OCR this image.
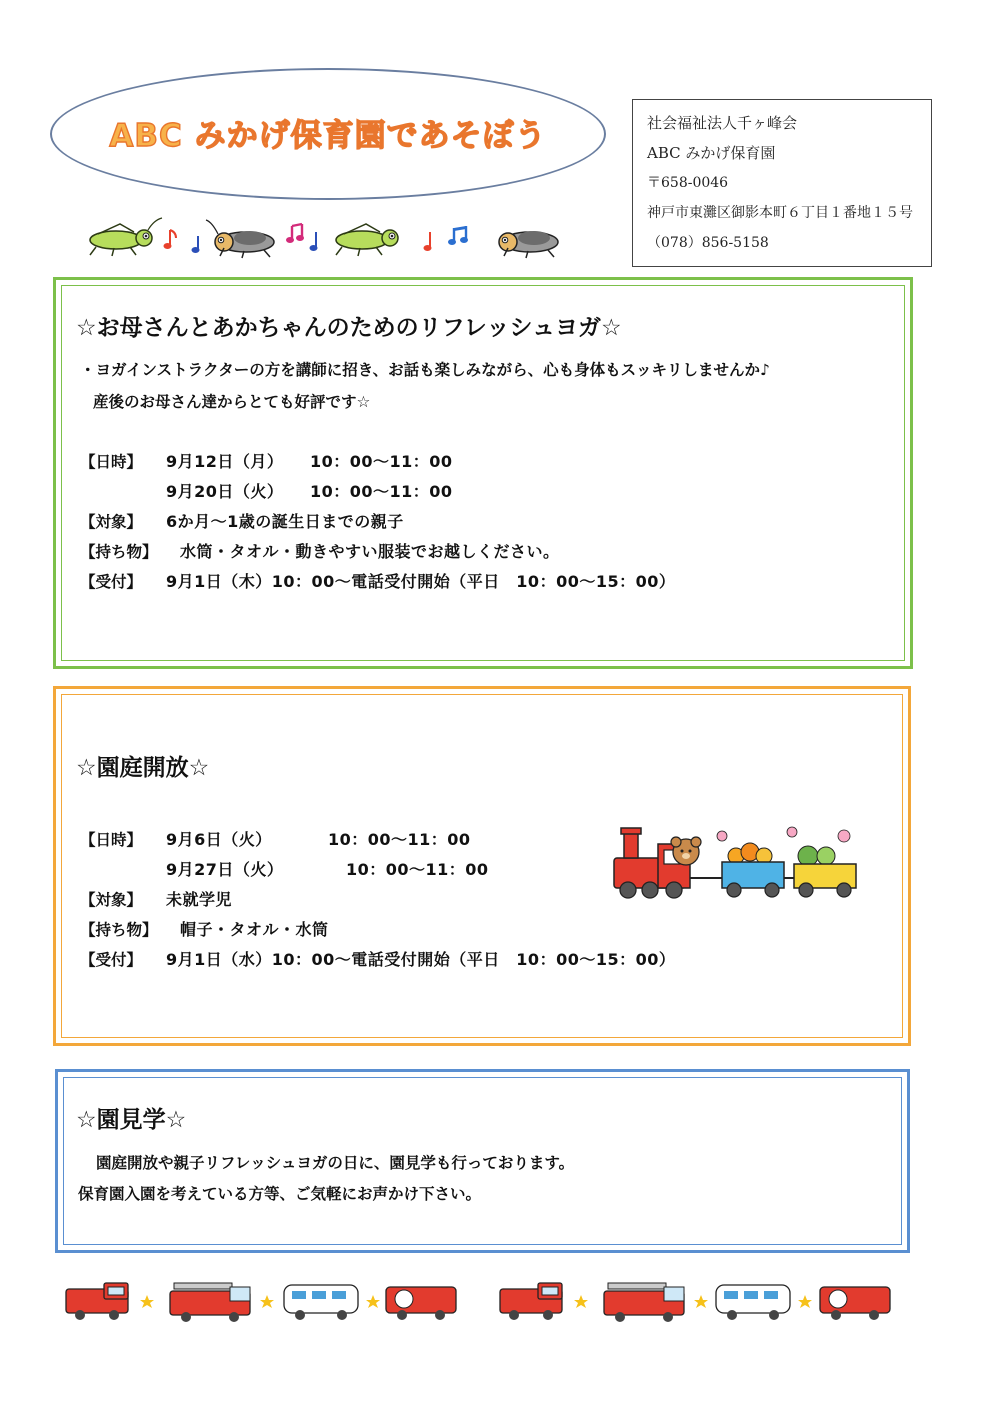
ABC みかげ保育園であそぼう	社会福祉法人千ヶ峰会
ABC みかげ保育園
〒658-0046
神戸市東灘区御影本町６丁目１番地１５号
（078）856-5158
☆お母さんとあかちゃんのためのリフレッシュヨガ☆
・ヨガインストラクターの方を講師に招き、お話も楽しみながら、心も身体もスッキリしませんか♪
産後のお母さん達からとても好評です☆
【日時】 9月12日（月） 10：00～11：00
9月20日（火） 10：00～11：00
【対象】 6か月～1歳の誕生日までの親子
【持ち物】 水筒・タオル・動きやすい服装でお越しください。
【受付】 9月1日（木）10：00～電話受付開始（平日　10：00～15：00）
☆園庭開放☆
【日時】 9月6日（火）	10：00～11：00
9月27日（火）	10：00～11：00
【対象】 未就学児
【持ち物】 帽子・タオル・水筒
【受付】 9月1日（水）10：00～電話受付開始（平日　10：00～15：00）
☆園見学☆
園庭開放や親子リフレッシュヨガの日に、園見学も行っております。
保育園入園を考えている方等、ご気軽にお声かけ下さい。
